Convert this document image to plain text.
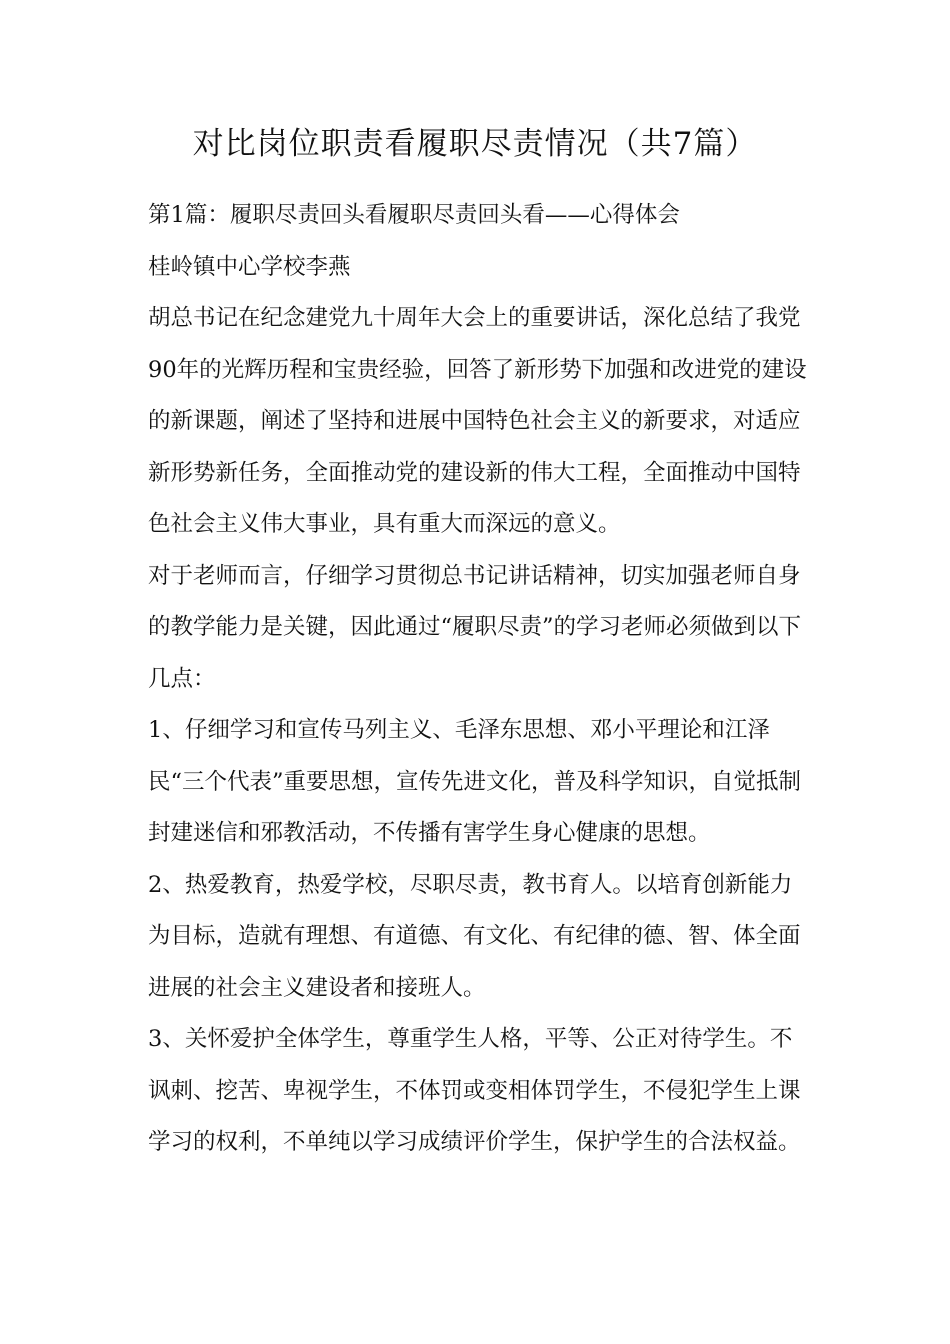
对比岗位职责看履职尽责情况（共7篇）

第1篇：履职尽责回头看履职尽责回头看——心得体会

桂岭镇中心学校李燕

胡总书记在纪念建党九十周年大会上的重要讲话，深化总结了我党

90年的光辉历程和宝贵经验，回答了新形势下加强和改进党的建设

的新课题，阐述了坚持和进展中国特色社会主义的新要求，对适应

新形势新任务，全面推动党的建设新的伟大工程，全面推动中国特

色社会主义伟大事业，具有重大而深远的意义。

对于老师而言，仔细学习贯彻总书记讲话精神，切实加强老师自身

的教学能力是关键，因此通过“履职尽责”的学习老师必须做到以下

几点：

1、仔细学习和宣传马列主义、毛泽东思想、邓小平理论和江泽

民“三个代表”重要思想，宣传先进文化，普及科学知识，自觉抵制

封建迷信和邪教活动，不传播有害学生身心健康的思想。

2、热爱教育，热爱学校，尽职尽责，教书育人。以培育创新能力

为目标，造就有理想、有道德、有文化、有纪律的德、智、体全面

进展的社会主义建设者和接班人。

3、关怀爱护全体学生，尊重学生人格，平等、公正对待学生。不

讽刺、挖苦、卑视学生，不体罚或变相体罚学生，不侵犯学生上课

学习的权利，不单纯以学习成绩评价学生，保护学生的合法权益。
